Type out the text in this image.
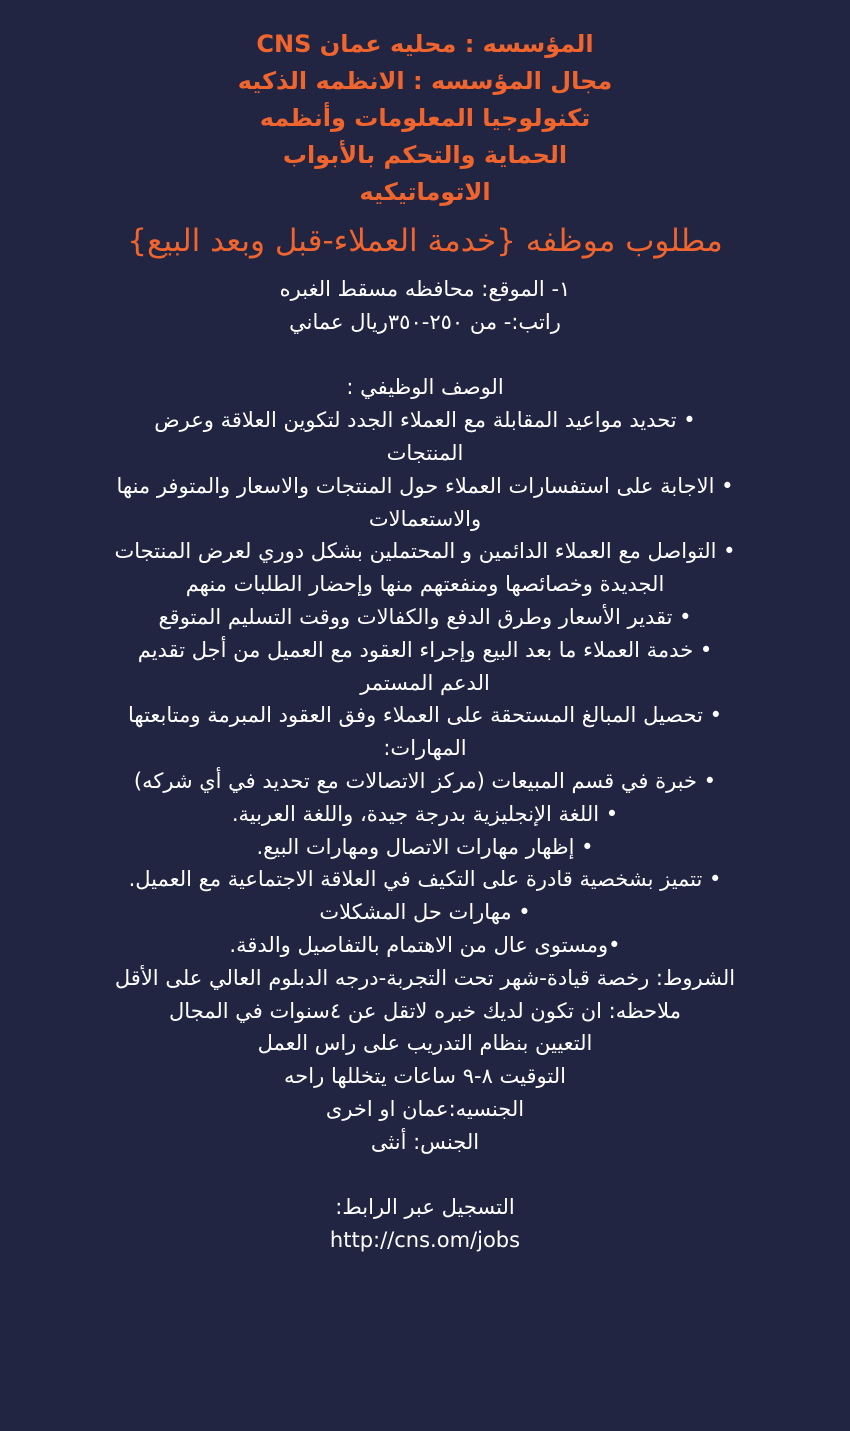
المؤسسه : محليه عمان CNS
مجال المؤسسه : الانظمه الذكيه
تكنولوجيا المعلومات وأنظمه
الحماية والتحكم بالأبواب
الاتوماتيكيه
مطلوب موظفه {خدمة العملاء-قبل وبعد البيع}
١- الموقع: محافظه مسقط الغبره
راتب:- من ٢٥٠-٣٥٠ريال عماني
الوصف الوظيفي :
• تحديد مواعيد المقابلة مع العملاء الجدد لتكوين العلاقة وعرض
المنتجات
• الاجابة على استفسارات العملاء حول المنتجات والاسعار والمتوفر منها
والاستعمالات
• التواصل مع العملاء الدائمين و المحتملين بشكل دوري لعرض المنتجات
الجديدة وخصائصها ومنفعتهم منها وإحضار الطلبات منهم
• تقدير الأسعار وطرق الدفع والكفالات ووقت التسليم المتوقع
• خدمة العملاء ما بعد البيع وإجراء العقود مع العميل من أجل تقديم
الدعم المستمر
• تحصيل المبالغ المستحقة على العملاء وفق العقود المبرمة ومتابعتها
المهارات:
• خبرة في قسم المبيعات (مركز الاتصالات مع تحديد في أي شركه)
• اللغة الإنجليزية بدرجة جيدة، واللغة العربية.
• إظهار مهارات الاتصال ومهارات البيع.
• تتميز بشخصية قادرة على التكيف في العلاقة الاجتماعية مع العميل.
• مهارات حل المشكلات
•ومستوى عال من الاهتمام بالتفاصيل والدقة.
الشروط: رخصة قيادة-شهر تحت التجربة-درجه الدبلوم العالي على الأقل
ملاحظه: ان تكون لديك خبره لاتقل عن ٤سنوات في المجال
التعيين بنظام التدريب على راس العمل
التوقيت ٨-٩ ساعات يتخللها راحه
الجنسيه:عمان او اخرى
الجنس: أنثى
التسجيل عبر الرابط:
http://cns.om/jobs
